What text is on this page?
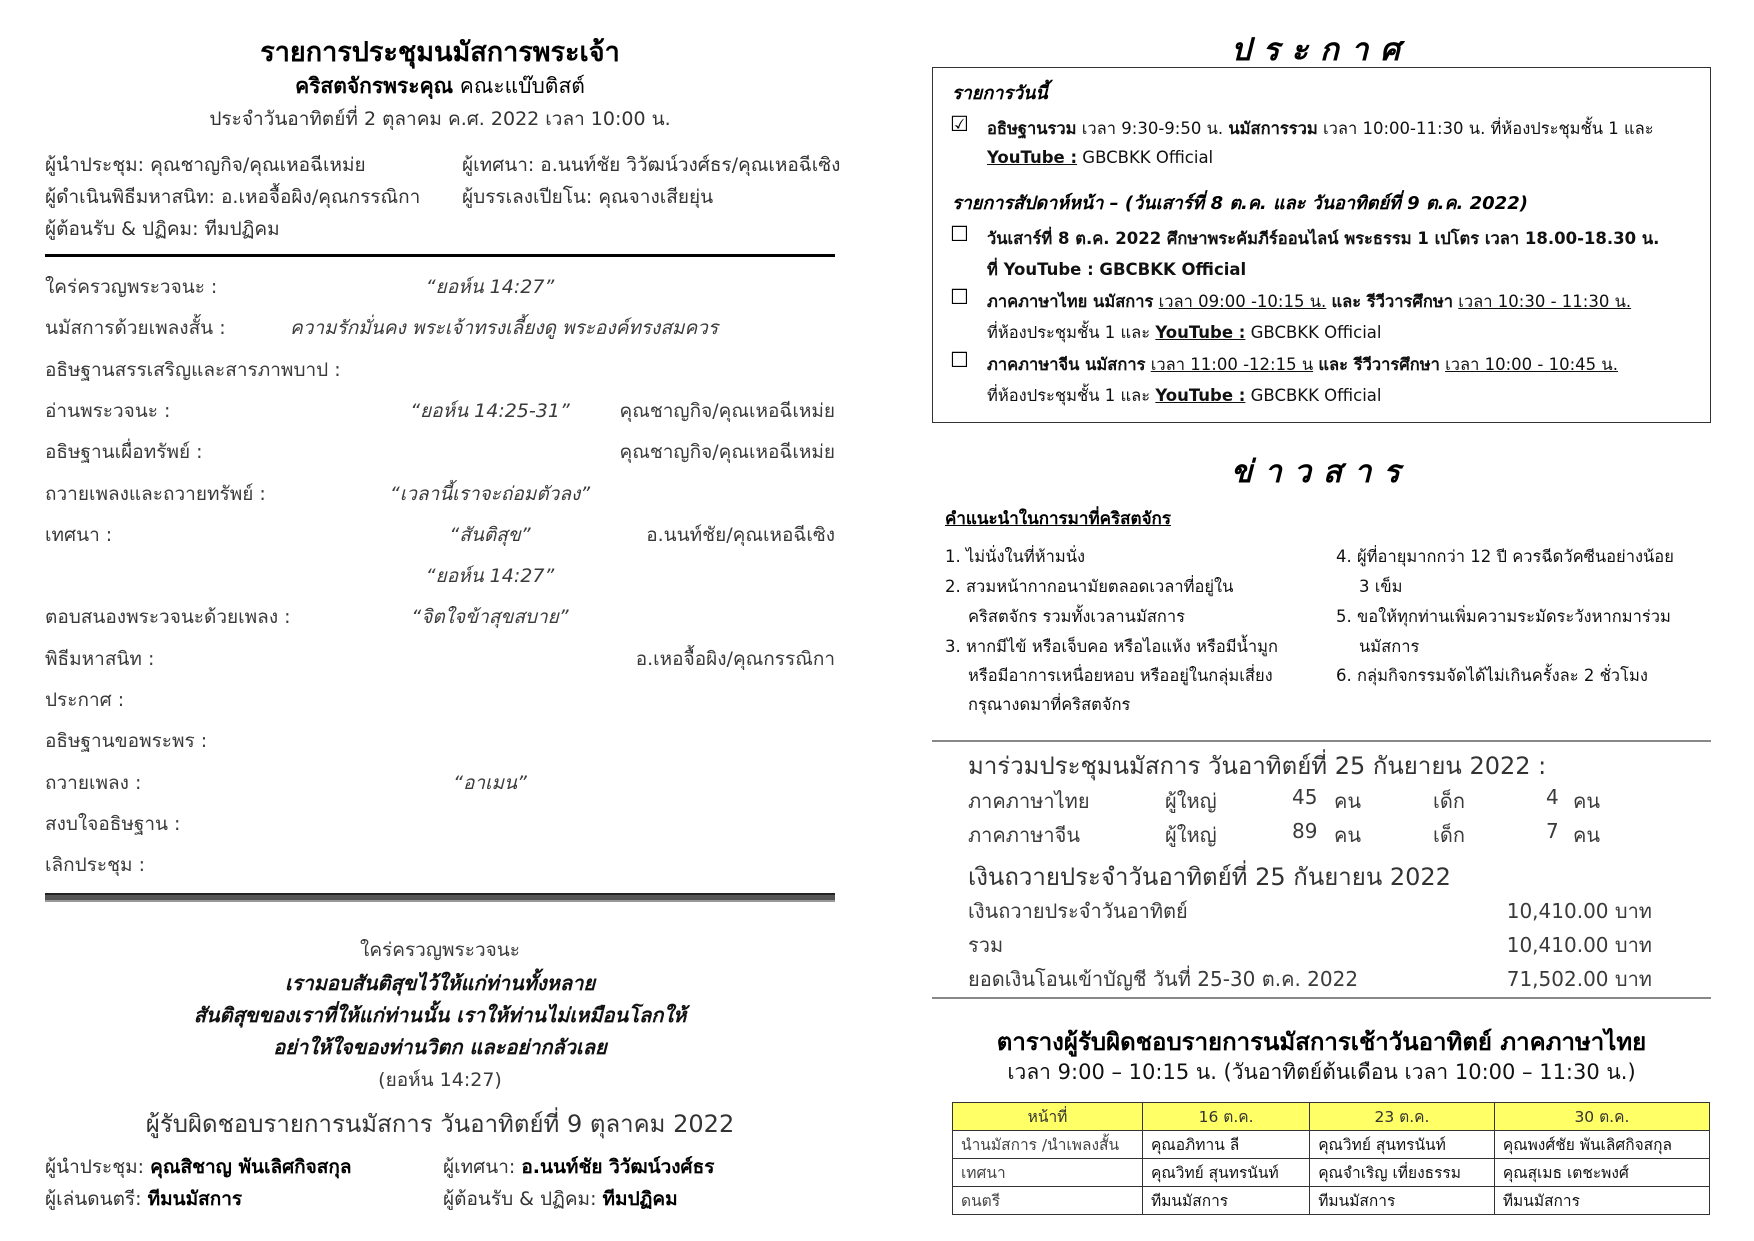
รายการประชุมนมัสการพระเจ้า
คริสตจักรพระคุณ คณะแบ๊บติสต์
ประจำวันอาทิตย์ที่ 2 ตุลาคม ค.ศ. 2022 เวลา 10:00 น.
ผู้นำประชุม: คุณชาญกิจ/คุณเหอฉีเหม่ย	ผู้เทศนา: อ.นนท์ชัย วิวัฒน์วงศ์ธร/คุณเหอฉีเซิง
ผู้ดำเนินพิธีมหาสนิท: อ.เหอจื้อผิง/คุณกรรณิกา ผู้บรรเลงเปียโน: คุณจางเสียยุ่น
ผู้ต้อนรับ & ปฏิคม: ทีมปฏิคม
ใคร่ครวญพระวจนะ :	“ยอห์น 14:27”
นมัสการด้วยเพลงสั้น :	ความรักมั่นคง พระเจ้าทรงเลี้ยงดู พระองค์ทรงสมควร
อธิษฐานสรรเสริญและสารภาพบาป :
อ่านพระวจนะ :	“ยอห์น 14:25-31”	คุณชาญกิจ/คุณเหอฉีเหม่ย
อธิษฐานเผื่อทรัพย์ :	คุณชาญกิจ/คุณเหอฉีเหม่ย
ถวายเพลงและถวายทรัพย์ :	“เวลานี้เราจะถ่อมตัวลง”
เทศนา :	“สันติสุข”	อ.นนท์ชัย/คุณเหอฉีเซิง
“ยอห์น 14:27”
ตอบสนองพระวจนะด้วยเพลง :	“จิตใจข้าสุขสบาย”
พิธีมหาสนิท :	อ.เหอจื้อผิง/คุณกรรณิกา
ประกาศ :
อธิษฐานขอพระพร :
ถวายเพลง :	“อาเมน”
สงบใจอธิษฐาน :
เลิกประชุม :
ใคร่ครวญพระวจนะ
เรามอบสันติสุขไว้ให้แก่ท่านทั้งหลาย
สันติสุขของเราที่ให้แก่ท่านนั้น เราให้ท่านไม่เหมือนโลกให้
อย่าให้ใจของท่านวิตก และอย่ากลัวเลย
(ยอห์น 14:27)
ผู้รับผิดชอบรายการนมัสการ วันอาทิตย์ที่ 9 ตุลาคม 2022
ผู้นำประชุม: คุณสิชาญ พันเลิศกิจสกุล	ผู้เทศนา: อ.นนท์ชัย วิวัฒน์วงศ์ธร
ผู้เล่นดนตรี: ทีมนมัสการ	ผู้ต้อนรับ & ปฏิคม: ทีมปฏิคม
ประกาศ
รายการวันนี้
☑ อธิษฐานรวม เวลา 9:30-9:50 น. นมัสการรวม เวลา 10:00-11:30 น. ที่ห้องประชุมชั้น 1 และ
YouTube : GBCBKK Official
รายการสัปดาห์หน้า – (วันเสาร์ที่ 8 ต.ค. และ วันอาทิตย์ที่ 9 ต.ค. 2022)
☐ วันเสาร์ที่ 8 ต.ค. 2022 ศึกษาพระคัมภีร์ออนไลน์ พระธรรม 1 เปโตร เวลา 18.00-18.30 น.
ที่ YouTube : GBCBKK Official
☐ ภาคภาษาไทย นมัสการ เวลา 09:00 -10:15 น. และ รีวีวารศึกษา เวลา 10:30 - 11:30 น.
ที่ห้องประชุมชั้น 1 และ YouTube : GBCBKK Official
☐ ภาคภาษาจีน นมัสการ เวลา 11:00 -12:15 น และ รีวีวารศึกษา เวลา 10:00 - 10:45 น.
ที่ห้องประชุมชั้น 1 และ YouTube : GBCBKK Official
ข่าวสาร
คำแนะนำในการมาที่คริสตจักร
1. ไม่นั่งในที่ห้ามนั่ง
2. สวมหน้ากากอนามัยตลอดเวลาที่อยู่ใน
คริสตจักร รวมทั้งเวลานมัสการ
3. หากมีไข้ หรือเจ็บคอ หรือไอแห้ง หรือมีน้ำมูก
หรือมีอาการเหนื่อยหอบ หรืออยู่ในกลุ่มเสี่ยง
กรุณางดมาที่คริสตจักร
4. ผู้ที่อายุมากกว่า 12 ปี ควรฉีดวัคซีนอย่างน้อย
3 เข็ม
5. ขอให้ทุกท่านเพิ่มความระมัดระวังหากมาร่วม
นมัสการ
6. กลุ่มกิจกรรมจัดได้ไม่เกินครั้งละ 2 ชั่วโมง
มาร่วมประชุมนมัสการ วันอาทิตย์ที่ 25 กันยายน 2022 :
ภาคภาษาไทย	ผู้ใหญ่	45 คน	เด็ก	4 คน
ภาคภาษาจีน	ผู้ใหญ่	89 คน	เด็ก	7 คน
เงินถวายประจำวันอาทิตย์ที่ 25 กันยายน 2022
เงินถวายประจำวันอาทิตย์	10,410.00 บาท
รวม	10,410.00 บาท
ยอดเงินโอนเข้าบัญชี วันที่ 25-30 ต.ค. 2022	71,502.00 บาท
ตารางผู้รับผิดชอบรายการนมัสการเช้าวันอาทิตย์ ภาคภาษาไทย
เวลา 9:00 – 10:15 น. (วันอาทิตย์ต้นเดือน เวลา 10:00 – 11:30 น.)
หน้าที่	16 ต.ค.	23 ต.ค.	30 ต.ค.
นำนมัสการ /นำเพลงสั้น	คุณอภิทาน ลี	คุณวิทย์ สุนทรนันท์	คุณพงศ์ชัย พันเลิศกิจสกุล
เทศนา	คุณวิทย์ สุนทรนันท์	คุณจำเริญ เที่ยงธรรม	คุณสุเมธ เตชะพงศ์
ดนตรี	ทีมนมัสการ	ทีมนมัสการ	ทีมนมัสการ
